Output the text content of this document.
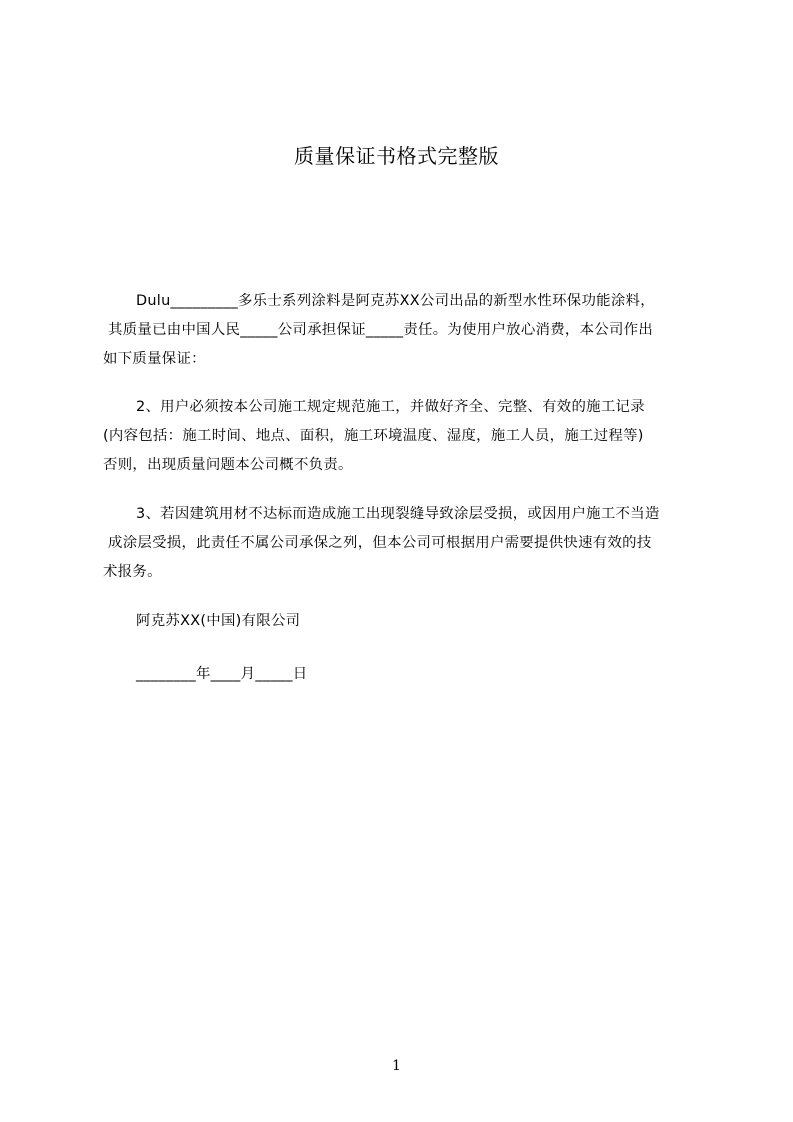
质量保证书格式完整版
Dulu_________多乐士系列涂料是阿克苏XX公司出品的新型水性环保功能涂料，
其质量已由中国人民_____公司承担保证_____责任。为使用户放心消费，本公司作出
如下质量保证：
2、用户必须按本公司施工规定规范施工，并做好齐全、完整、有效的施工记录
(内容包括：施工时间、地点、面积，施工环境温度、湿度，施工人员，施工过程等)
否则，出现质量问题本公司概不负责。
3、若因建筑用材不达标而造成施工出现裂缝导致涂层受损，或因用户施工不当造
成涂层受损，此责任不属公司承保之列，但本公司可根据用户需要提供快速有效的技
术报务。
阿克苏XX(中国)有限公司
________年____月_____日
1
